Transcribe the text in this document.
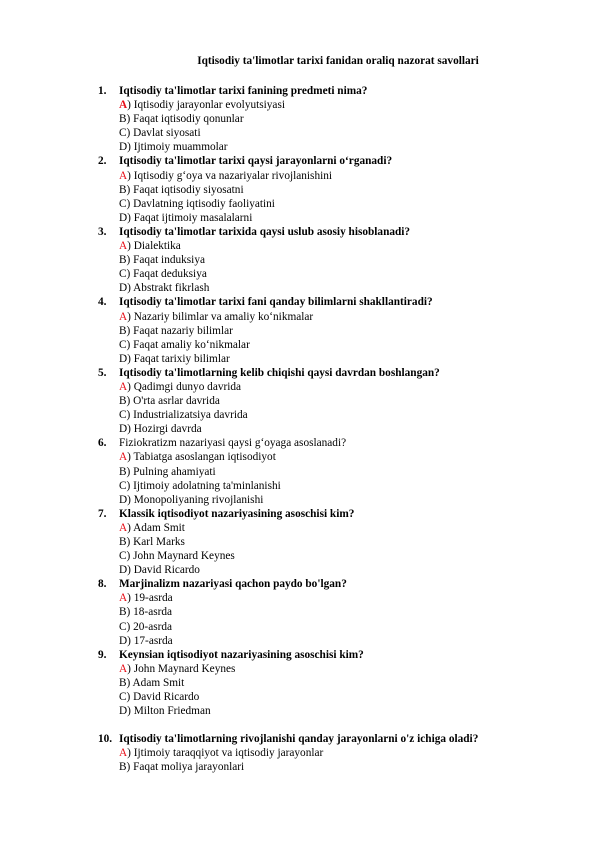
Iqtisodiy ta'limotlar tarixi fanidan oraliq nazorat savollari
1.	Iqtisodiy ta'limotlar tarixi fanining predmeti nima?
A) Iqtisodiy jarayonlar evolyutsiyasi
B) Faqat iqtisodiy qonunlar
C) Davlat siyosati
D) Ijtimoiy muammolar
2.	Iqtisodiy ta'limotlar tarixi qaysi jarayonlarni o‘rganadi?
A) Iqtisodiy g‘oya va nazariyalar rivojlanishini
B) Faqat iqtisodiy siyosatni
C) Davlatning iqtisodiy faoliyatini
D) Faqat ijtimoiy masalalarni
3.	Iqtisodiy ta'limotlar tarixida qaysi uslub asosiy hisoblanadi?
A) Dialektika
B) Faqat induksiya
C) Faqat deduksiya
D) Abstrakt fikrlash
4.	Iqtisodiy ta'limotlar tarixi fani qanday bilimlarni shakllantiradi?
A) Nazariy bilimlar va amaliy ko‘nikmalar
B) Faqat nazariy bilimlar
C) Faqat amaliy ko‘nikmalar
D) Faqat tarixiy bilimlar
5.	Iqtisodiy ta'limotlarning kelib chiqishi qaysi davrdan boshlangan?
A) Qadimgi dunyo davrida
B) O'rta asrlar davrida
C) Industrializatsiya davrida
D) Hozirgi davrda
6.	Fiziokratizm nazariyasi qaysi g‘oyaga asoslanadi?
A) Tabiatga asoslangan iqtisodiyot
B) Pulning ahamiyati
C) Ijtimoiy adolatning ta'minlanishi
D) Monopoliyaning rivojlanishi
7.	Klassik iqtisodiyot nazariyasining asoschisi kim?
A) Adam Smit
B) Karl Marks
C) John Maynard Keynes
D) David Ricardo
8.	Marjinalizm nazariyasi qachon paydo bo'lgan?
A) 19-asrda
B) 18-asrda
C) 20-asrda
D) 17-asrda
9.	Keynsian iqtisodiyot nazariyasining asoschisi kim?
A) John Maynard Keynes
B) Adam Smit
C) David Ricardo
D) Milton Friedman
10. Iqtisodiy ta'limotlarning rivojlanishi qanday jarayonlarni o'z ichiga oladi?
A) Ijtimoiy taraqqiyot va iqtisodiy jarayonlar
B) Faqat moliya jarayonlari
